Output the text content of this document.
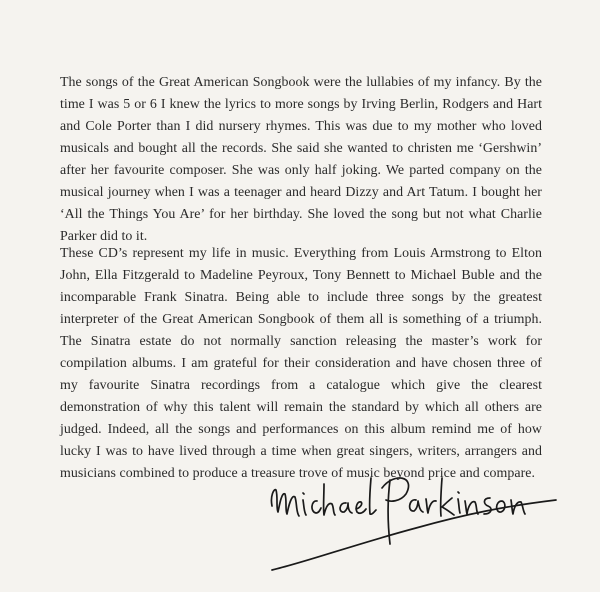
The songs of the Great American Songbook were the lullabies of my infancy. By the time I was 5 or 6 I knew the lyrics to more songs by Irving Berlin, Rodgers and Hart and Cole Porter than I did nursery rhymes. This was due to my mother who loved musicals and bought all the records. She said she wanted to christen me ‘Gershwin’ after her favourite composer. She was only half joking. We parted company on the musical journey when I was a teenager and heard Dizzy and Art Tatum. I bought her ‘All the Things You Are’ for her birthday. She loved the song but not what Charlie Parker did to it.

These CD’s represent my life in music. Everything from Louis Armstrong to Elton John, Ella Fitzgerald to Madeline Peyroux, Tony Bennett to Michael Buble and the incomparable Frank Sinatra. Being able to include three songs by the greatest interpreter of the Great American Songbook of them all is something of a triumph. The Sinatra estate do not normally sanction releasing the master’s work for compilation albums. I am grateful for their consideration and have chosen three of my favourite Sinatra recordings from a catalogue which give the clearest demonstration of why this talent will remain the standard by which all others are judged. Indeed, all the songs and performances on this album remind me of how lucky I was to have lived through a time when great singers, writers, arrangers and musicians combined to produce a treasure trove of music beyond price and compare.
